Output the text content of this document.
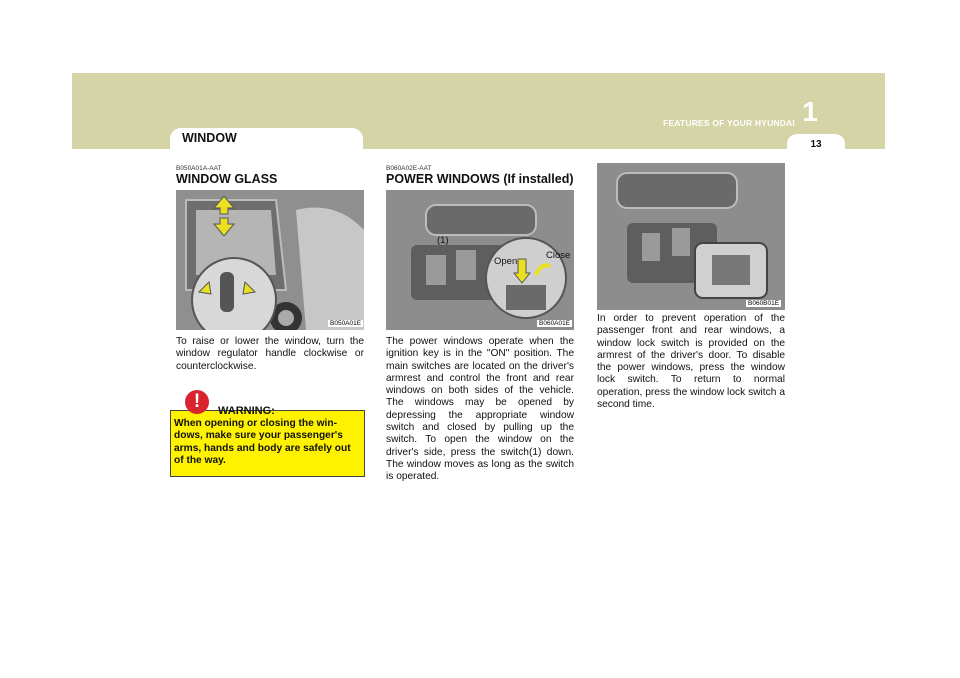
1
FEATURES OF YOUR HYUNDAI
13
WINDOW
B050A01A-AAT
WINDOW GLASS
B050A01E
To raise or lower the window, turn the window regulator handle clockwise or counterclockwise.
!	WARNING:
When opening or closing the win-dows, make sure your passenger's arms, hands and body are safely out of the way.
B060A02E-AAT
POWER WINDOWS (If installed)
(1)
Open
Close
B060A01E
The power windows operate when the ignition key is in the "ON" position. The main switches are located on the driver's armrest and control the front and rear windows on both sides of the vehicle. The windows may be opened by depressing the appropriate window switch and closed by pulling up the switch. To open the window on the driver's side, press the switch(1) down. The window moves as long as the switch is operated.
B060B01E
In order to prevent operation of the passenger front and rear windows, a window lock switch is provided on the armrest of the driver's door. To disable the power windows, press the window lock switch. To return to normal operation, press the window lock switch a second time.
